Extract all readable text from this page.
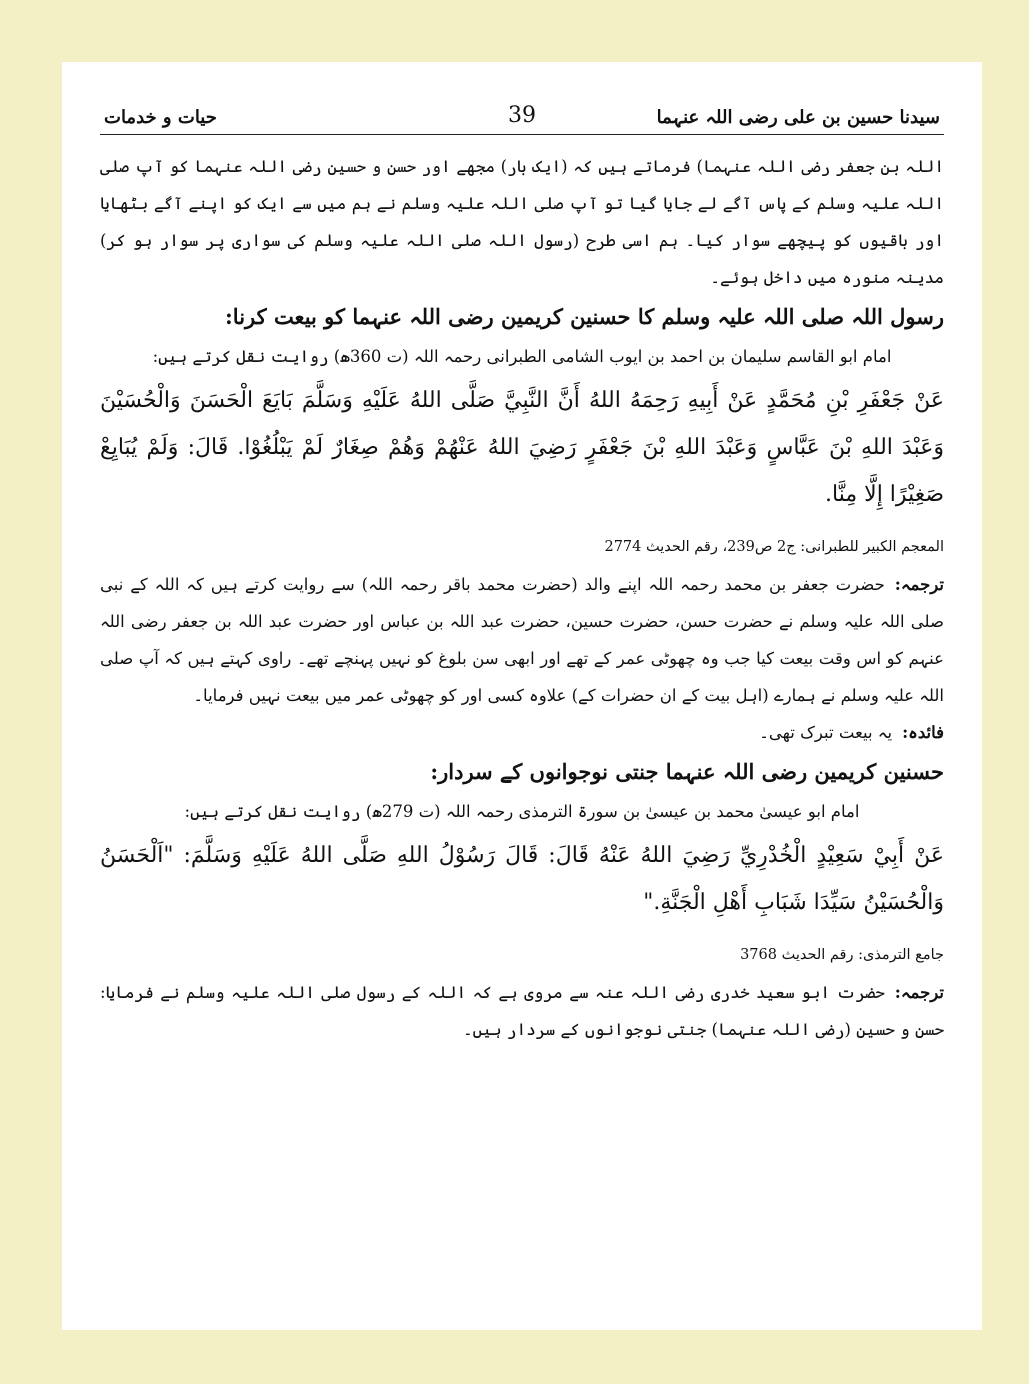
39
حیات و خدمات	سیدنا حسین بن علی رضی اللہ عنہما

اللہ بن جعفر رضی اللہ عنہما) فرماتے ہیں کہ (ایک بار) مجھے اور حسن و حسین رضی اللہ عنہما کو آپ صلی اللہ علیہ وسلم کے پاس آگے لے جایا گیا تو آپ صلی اللہ علیہ وسلم نے ہم میں سے ایک کو اپنے آگے بٹھایا اور باقیوں کو پیچھے سوار کیا۔ ہم اسی طرح (رسول اللہ صلی اللہ علیہ وسلم کی سواری پر سوار ہو کر) مدینہ منورہ میں داخل ہوئے۔

رسول اللہ صلی اللہ علیہ وسلم کا حسنین کریمین رضی اللہ عنہما کو بیعت کرنا:

امام ابو القاسم سلیمان بن احمد بن ایوب الشامی الطبرانی رحمہ اللہ (ت 360ھ) روایت نقل کرتے ہیں:

عَنْ جَعْفَرِ بْنِ مُحَمَّدٍ عَنْ أَبِيهِ رَحِمَهُ اللهُ أَنَّ النَّبِيَّ صَلَّى اللهُ عَلَيْهِ وَسَلَّمَ بَايَعَ الْحَسَنَ وَالْحُسَيْنَ وَعَبْدَ اللهِ بْنَ عَبَّاسٍ وَعَبْدَ اللهِ بْنَ جَعْفَرٍ رَضِيَ اللهُ عَنْهُمْ وَهُمْ صِغَارٌ لَمْ يَبْلُغُوْا. قَالَ: وَلَمْ يُبَايِعْ صَغِيْرًا إِلَّا مِنَّا.

المعجم الکبیر للطبرانی: ج2 ص239، رقم الحدیث 2774

ترجمہ:حضرت جعفر بن محمد رحمہ اللہ اپنے والد (حضرت محمد باقر رحمہ اللہ) سے روایت کرتے ہیں کہ اللہ کے نبی صلی اللہ علیہ وسلم نے حضرت حسن، حضرت حسین، حضرت عبد اللہ بن عباس اور حضرت عبد اللہ بن جعفر رضی اللہ عنہم کو اس وقت بیعت کیا جب وہ چھوٹی عمر کے تھے اور ابھی سن بلوغ کو نہیں پہنچے تھے۔ راوی کہتے ہیں کہ آپ صلی اللہ علیہ وسلم نے ہمارے (اہل بیت کے ان حضرات کے) علاوہ کسی اور کو چھوٹی عمر میں بیعت نہیں فرمایا۔

فائدہ:یہ بیعت تبرک تھی۔

حسنین کریمین رضی اللہ عنہما جنتی نوجوانوں کے سردار:

امام ابو عیسیٰ محمد بن عیسیٰ بن سورۃ الترمذی رحمہ اللہ (ت 279ھ) روایت نقل کرتے ہیں:

عَنْ أَبِيْ سَعِيْدٍ الْخُدْرِيِّ رَضِيَ اللهُ عَنْهُ قَالَ: قَالَ رَسُوْلُ اللهِ صَلَّى اللهُ عَلَيْهِ وَسَلَّمَ: "اَلْحَسَنُ وَالْحُسَيْنُ سَيِّدَا شَبَابِ أَهْلِ الْجَنَّةِ."

جامع الترمذی: رقم الحدیث 3768

ترجمہ:حضرت ابو سعید خدری رضی اللہ عنہ سے مروی ہے کہ اللہ کے رسول صلی اللہ علیہ وسلم نے فرمایا: حسن و حسین (رضی اللہ عنہما) جنتی نوجوانوں کے سردار ہیں۔
